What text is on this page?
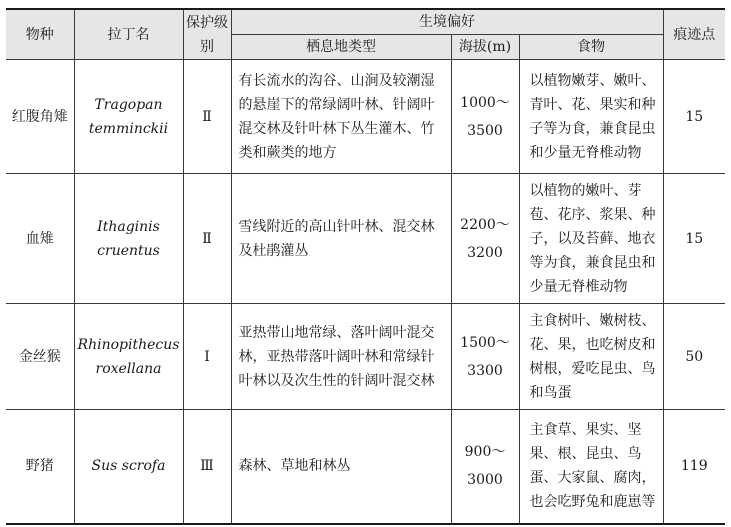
物种	拉丁名	保护级别	生境偏好			痕迹点
			栖息地类型	海拔(m)	食物	
红腹角雉	Tragopan temminckii	Ⅱ	有长流水的沟谷、山涧及较潮湿的悬崖下的常绿阔叶林、针阔叶混交林及针叶林下丛生灌木、竹类和蕨类的地方	1000～3500	以植物嫩芽、嫩叶、青叶、花、果实和种子等为食，兼食昆虫和少量无脊椎动物	15
血雉	Ithaginis cruentus	Ⅱ	雪线附近的高山针叶林、混交林及杜鹃灌丛	2200～3200	以植物的嫩叶、芽苞、花序、浆果、种子，以及苔藓、地衣等为食，兼食昆虫和少量无脊椎动物	15
金丝猴	Rhinopithecus roxellana	Ⅰ	亚热带山地常绿、落叶阔叶混交林，亚热带落叶阔叶林和常绿针叶林以及次生性的针阔叶混交林	1500～3300	主食树叶、嫩树枝、花、果，也吃树皮和树根，爱吃昆虫、鸟和鸟蛋	50
野猪	Sus scrofa	Ⅲ	森林、草地和林丛	900～3000	主食草、果实、坚果、根、昆虫、鸟蛋、大家鼠、腐肉，也会吃野兔和鹿崽等	119
